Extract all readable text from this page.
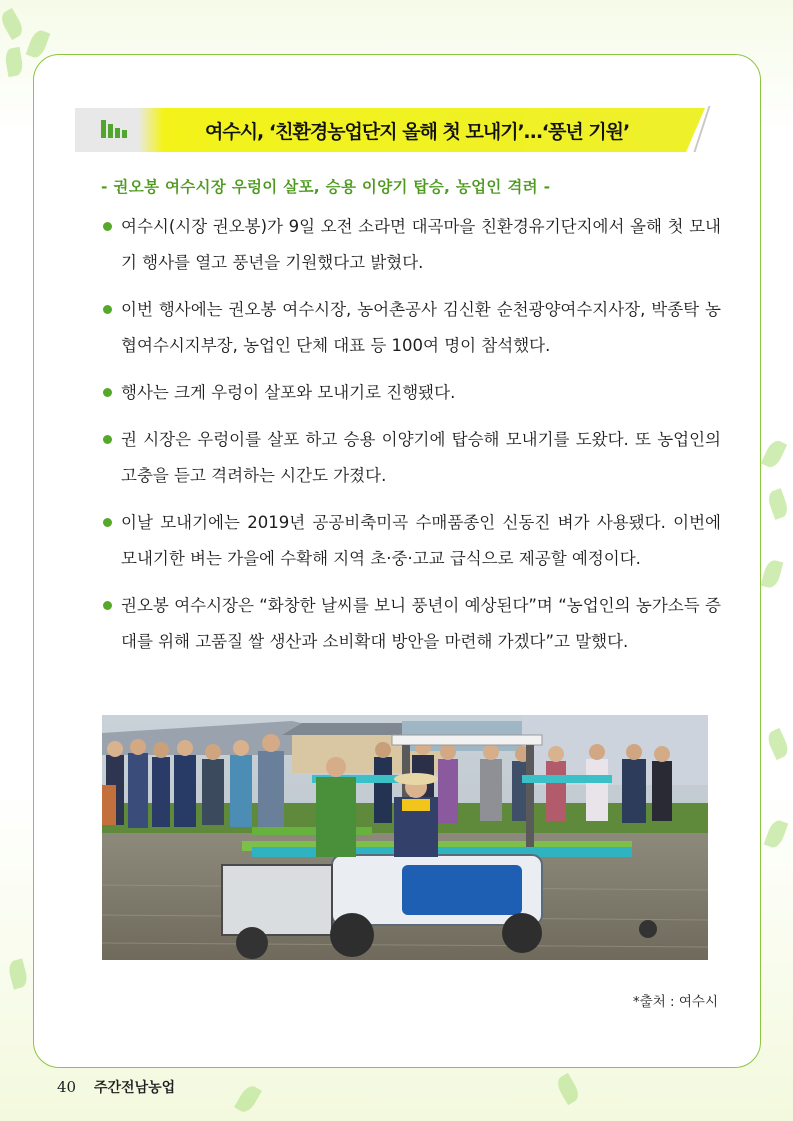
여수시, ‘친환경농업단지 올해 첫 모내기’…‘풍년 기원’
- 권오봉 여수시장 우렁이 살포, 승용 이양기 탑승, 농업인 격려 -
여수시(시장 권오봉)가 9일 오전 소라면 대곡마을 친환경유기단지에서 올해 첫 모내기 행사를 열고 풍년을 기원했다고 밝혔다.
이번 행사에는 권오봉 여수시장, 농어촌공사 김신환 순천광양여수지사장, 박종탁 농협여수시지부장, 농업인 단체 대표 등 100여 명이 참석했다.
행사는 크게 우렁이 살포와 모내기로 진행됐다.
권 시장은 우렁이를 살포 하고 승용 이양기에 탑승해 모내기를 도왔다. 또 농업인의 고충을 듣고 격려하는 시간도 가졌다.
이날 모내기에는 2019년 공공비축미곡 수매품종인 신동진 벼가 사용됐다. 이번에 모내기한 벼는 가을에 수확해 지역 초·중·고교 급식으로 제공할 예정이다.
권오봉 여수시장은 “화창한 날씨를 보니 풍년이 예상된다”며 “농업인의 농가소득 증대를 위해 고품질 쌀 생산과 소비확대 방안을 마련해 가겠다”고 말했다.
*출처 : 여수시
40 주간전남농업
